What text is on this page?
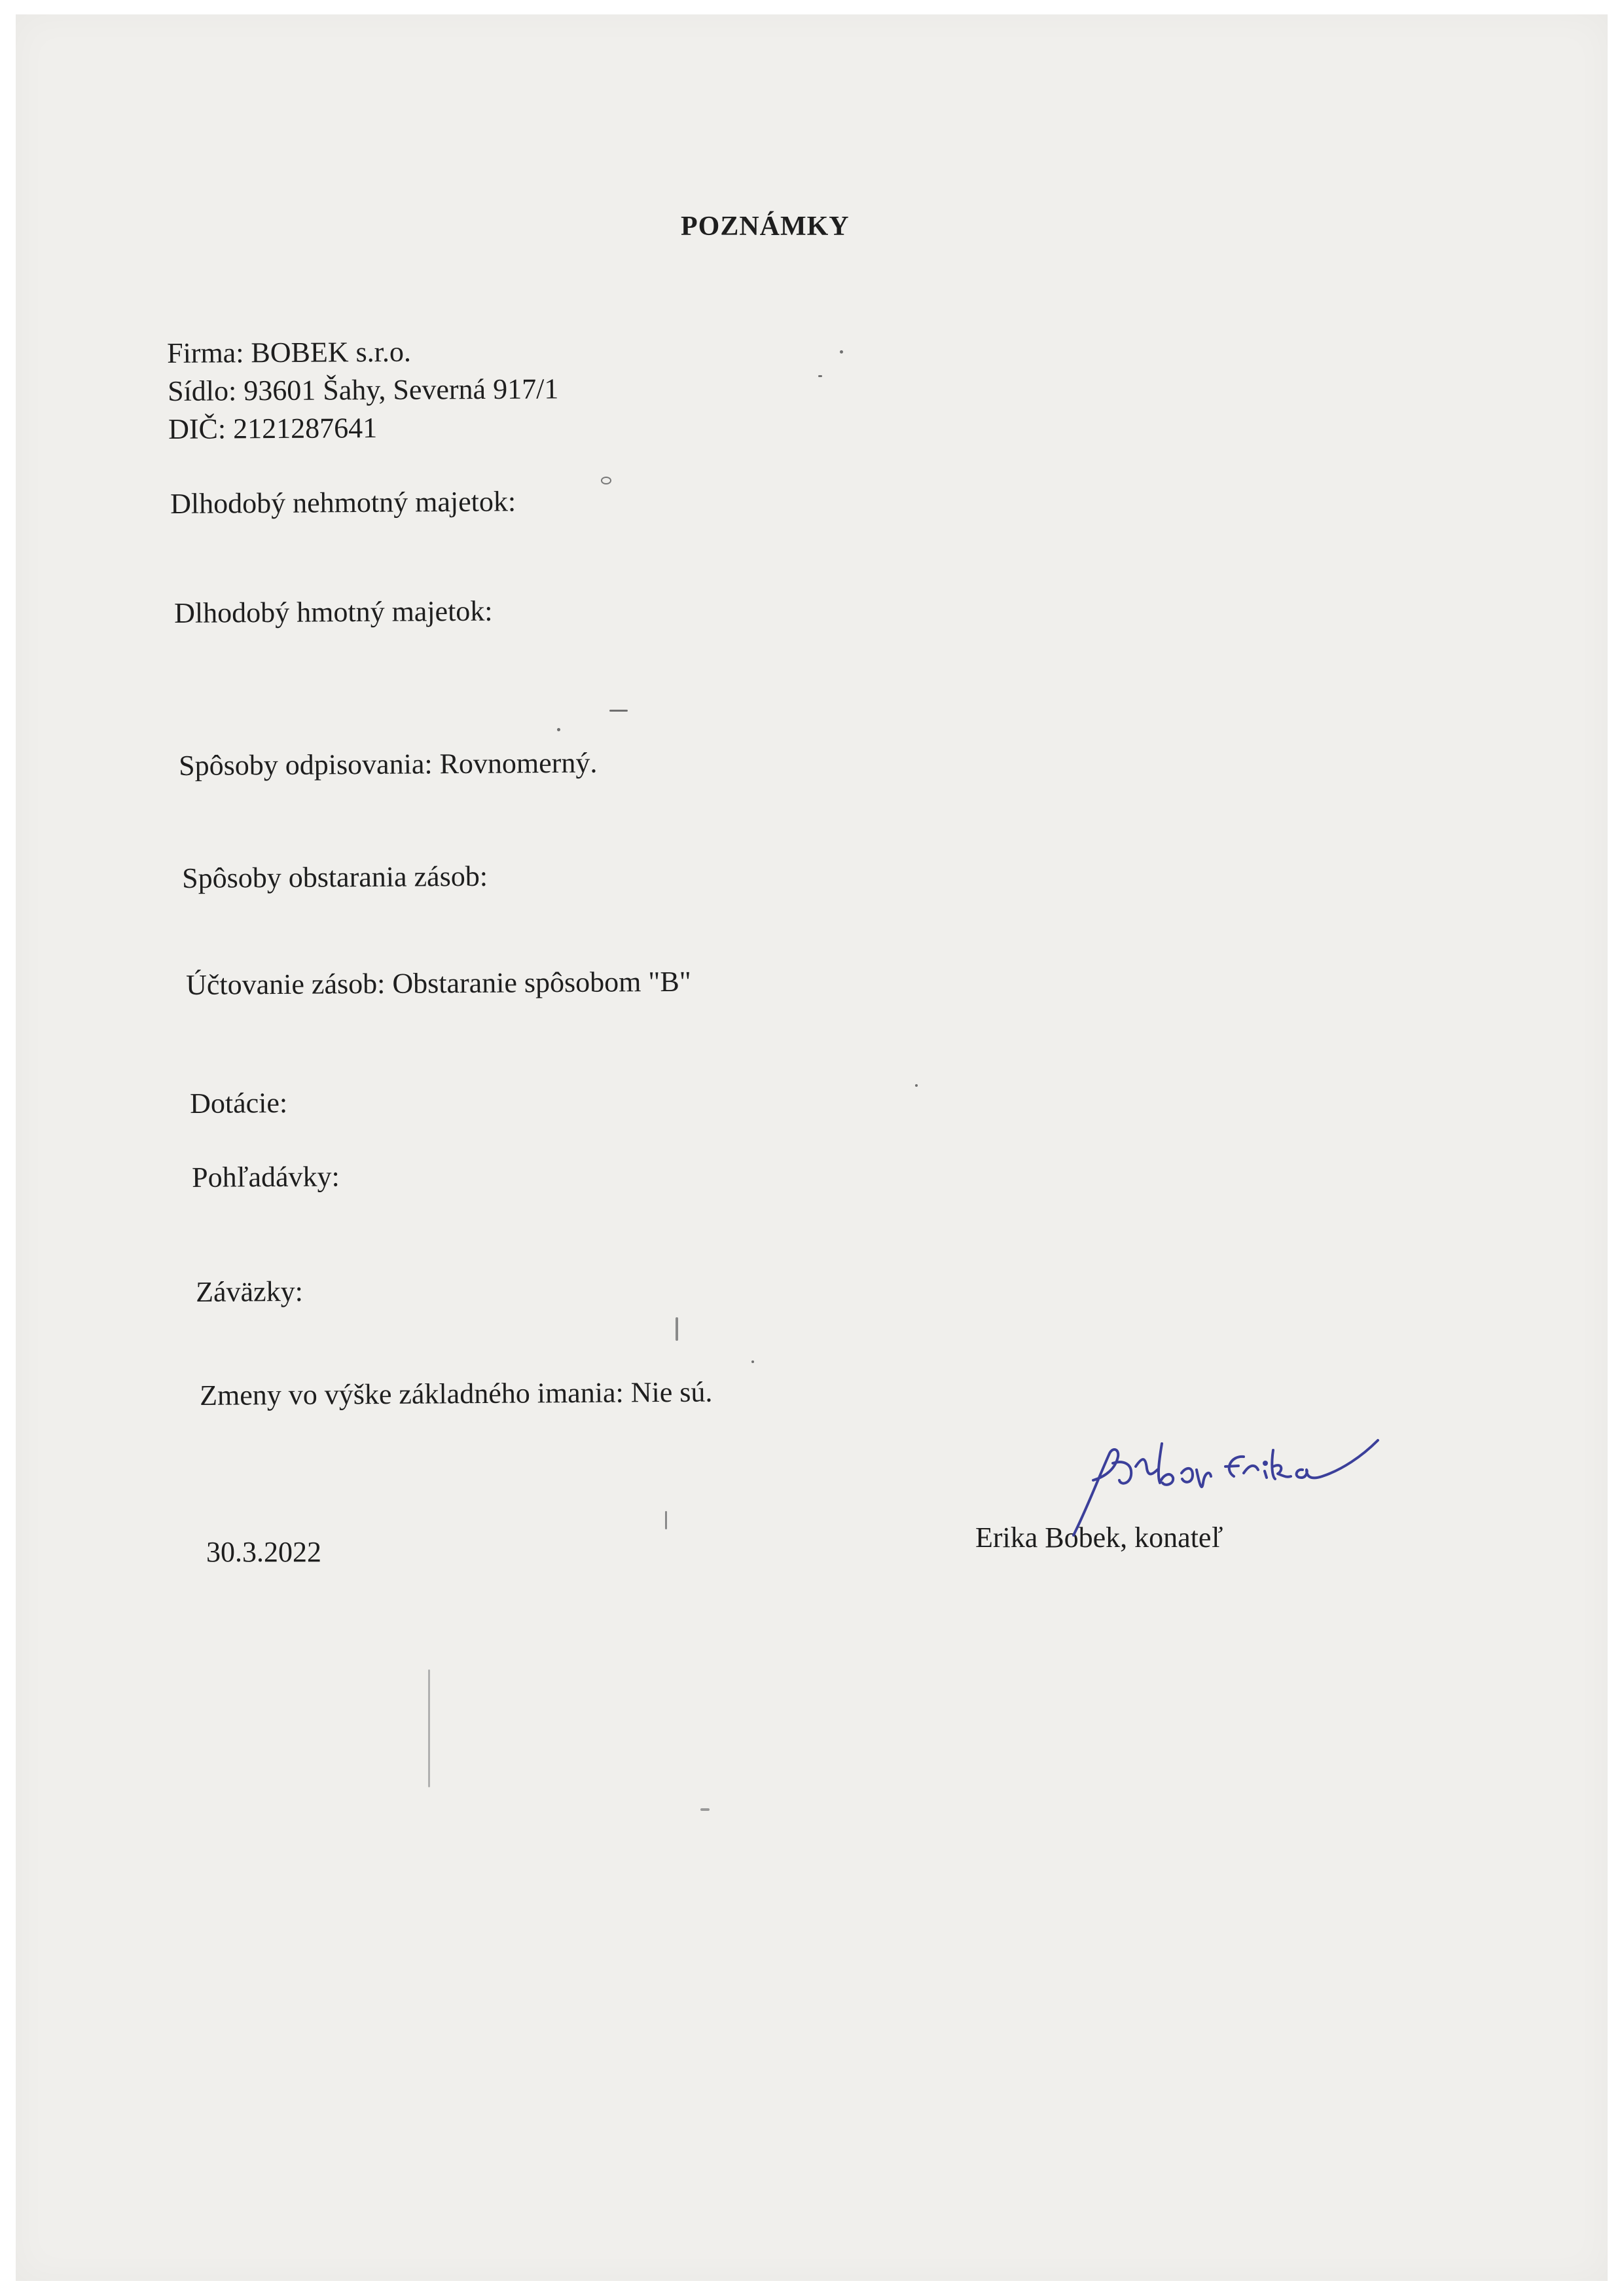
POZNÁMKY
Firma: BOBEK s.r.o.
Sídlo: 93601 Šahy, Severná 917/1
DIČ: 2121287641
Dlhodobý nehmotný majetok:
Dlhodobý hmotný majetok:
Spôsoby odpisovania: Rovnomerný.
Spôsoby obstarania zásob:
Účtovanie zásob: Obstaranie spôsobom "B"
Dotácie:
Pohľadávky:
Záväzky:
Zmeny vo výške základného imania: Nie sú.
30.3.2022	Erika Bobek, konateľ
